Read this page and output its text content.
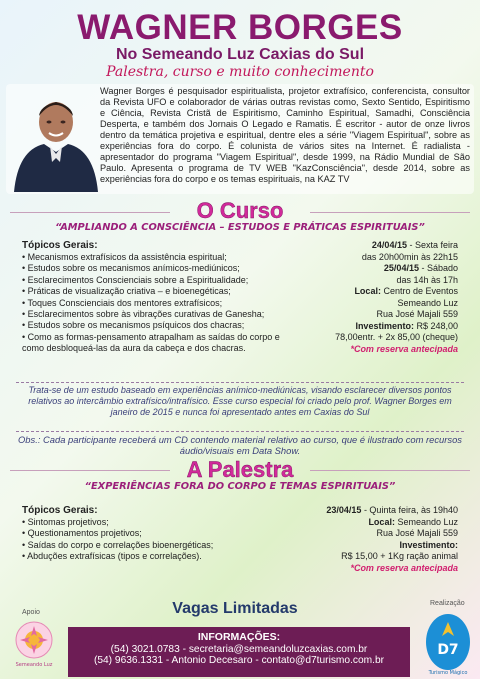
WAGNER BORGES
No Semeando Luz Caxias do Sul
Palestra, curso e muito conhecimento
Wagner Borges é pesquisador espiritualista, projetor extrafísico, conferencista, consultor da Revista UFO e colaborador de várias outras revistas como, Sexto Sentido, Espiritismo e Ciência, Revista Cristã de Espiritismo, Caminho Espiritual, Samadhi, Consciência Desperta, e também dos Jornais O Legado e Ramatis. É escritor - autor de onze livros dentro da temática projetiva e espiritual, dentre eles a série "Viagem Espiritual", sobre as experiências fora do corpo. É colunista de vários sites na Internet. É radialista - apresentador do programa "Viagem Espiritual", desde 1999, na Rádio Mundial de São Paulo. Apresenta o programa de TV WEB "KazConsciência", desde 2014, sobre as experiências fora do corpo e os temas espirituais, na KAZ TV
O Curso
“AMPLIANDO A CONSCIÊNCIA – ESTUDOS E PRÁTICAS ESPIRITUAIS”
Tópicos Gerais:
• Mecanismos extrafísicos da assistência espiritual;
• Estudos sobre os mecanismos anímicos-mediúnicos;
• Esclarecimentos Conscienciais sobre a Espiritualidade;
• Práticas de visualização criativa – e bioenegéticas;
• Toques Conscienciais dos mentores extrafísicos;
• Esclarecimentos sobre às vibrações curativas de Ganesha;
• Estudos sobre os mecanismos psíquicos dos chacras;
• Como as formas-pensamento atrapalham as saídas do corpo e como desbloqueá-las da aura da cabeça e dos chacras.
24/04/15 - Sexta feira
das 20h00min às 22h15
25/04/15 - Sábado
das 14h às 17h
Local: Centro de Eventos
Semeando Luz
Rua José Majali 559
Investimento: R$ 248,00
78,00entr. + 2x 85,00 (cheque)
*Com reserva antecipada
Trata-se de um estudo baseado em experiências anímico-mediúnicas, visando esclarecer diversos pontos relativos ao intercâmbio extrafísico/intrafísico. Esse curso especial foi criado pelo prof. Wagner Borges em janeiro de 2015 e nunca foi apresentado antes em Caxias do Sul
Obs.: Cada participante receberá um CD contendo material relativo ao curso, que é ilustrado com recursos áudio/visuais em Data Show.
A Palestra
“EXPERIÊNCIAS FORA DO CORPO E TEMAS ESPIRITUAIS”
Tópicos Gerais:
• Sintomas projetivos;
• Questionamentos projetivos;
• Saídas do corpo e correlações bioenergéticas;
• Abduções extrafísicas (tipos e correlações).
23/04/15 - Quinta feira, às 19h40
Local: Semeando Luz
Rua José Majali 559
Investimento:
R$ 15,00 + 1Kg ração animal
*Com reserva antecipada
Vagas Limitadas
Apoio
Semeando Luz
Realização
D7
Turismo Mágico
INFORMAÇÕES:
(54) 3021.0783 - secretaria@semeandoluzcaxias.com.br
(54) 9636.1331 - Antonio Decesaro - contato@d7turismo.com.br
